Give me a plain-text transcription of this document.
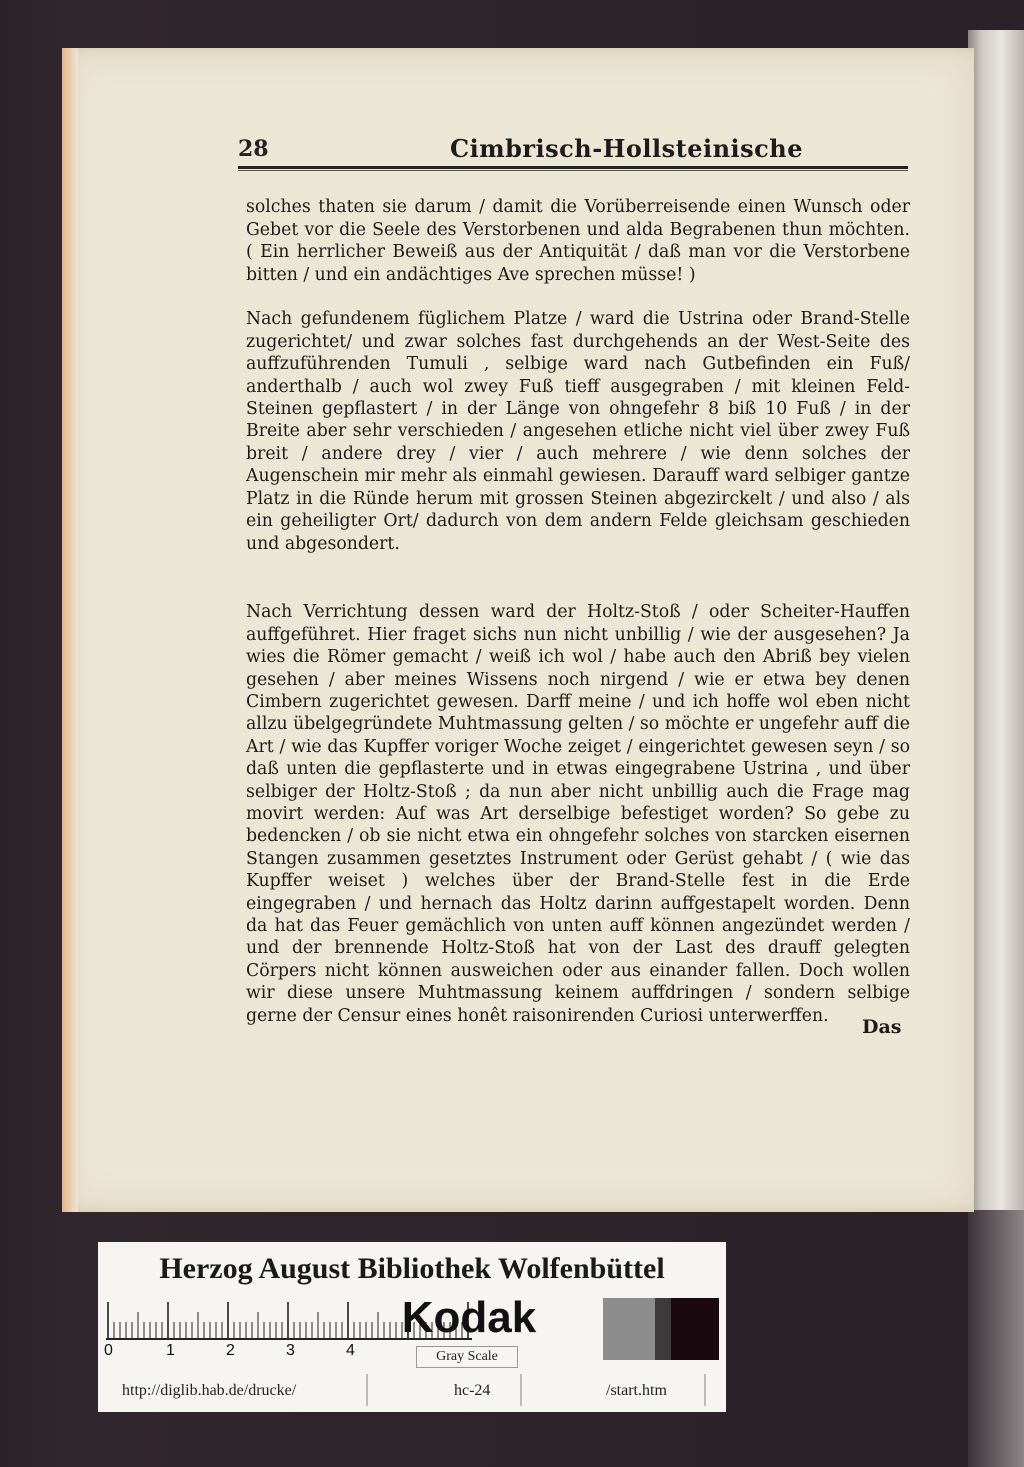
28	Cimbrisch-Hollsteinische

solches thaten sie darum / damit die Vorüberreisende einen Wunsch oder Gebet vor die Seele des Verstorbenen und alda Begrabenen thun möchten. ( Ein herrlicher Beweiß aus der Antiquität / daß man vor die Verstorbene bitten / und ein andächtiges Ave sprechen müsse! )

Nach gefundenem füglichem Platze / ward die Ustrina oder Brand-Stelle zugerichtet/ und zwar solches fast durchgehends an der West-Seite des auffzuführenden Tumuli , selbige ward nach Gutbefinden ein Fuß/ anderthalb / auch wol zwey Fuß tieff ausgegraben / mit kleinen Feld-Steinen gepflastert / in der Länge von ohngefehr 8 biß 10 Fuß / in der Breite aber sehr verschieden / angesehen etliche nicht viel über zwey Fuß breit / andere drey / vier / auch mehrere / wie denn solches der Augenschein mir mehr als einmahl gewiesen. Darauff ward selbiger gantze Platz in die Ründe herum mit grossen Steinen abgezirckelt / und also / als ein geheiligter Ort/ dadurch von dem andern Felde gleichsam geschieden und abgesondert.

Nach Verrichtung dessen ward der Holtz-Stoß / oder Scheiter-Hauffen auffgeführet. Hier fraget sichs nun nicht unbillig / wie der ausgesehen? Ja wies die Römer gemacht / weiß ich wol / habe auch den Abriß bey vielen gesehen / aber meines Wissens noch nirgend / wie er etwa bey denen Cimbern zugerichtet gewesen. Darff meine / und ich hoffe wol eben nicht allzu übelgegründete Muhtmassung gelten / so möchte er ungefehr auff die Art / wie das Kupffer voriger Woche zeiget / eingerichtet gewesen seyn / so daß unten die gepflasterte und in etwas eingegrabene Ustrina , und über selbiger der Holtz-Stoß ; da nun aber nicht unbillig auch die Frage mag movirt werden: Auf was Art derselbige befestiget worden? So gebe zu bedencken / ob sie nicht etwa ein ohngefehr solches von starcken eisernen Stangen zusammen gesetztes Instrument oder Gerüst gehabt / ( wie das Kupffer weiset ) welches über der Brand-Stelle fest in die Erde eingegraben / und hernach das Holtz darinn auffgestapelt worden. Denn da hat das Feuer gemächlich von unten auff können angezündet werden / und der brennende Holtz-Stoß hat von der Last des drauff gelegten Cörpers nicht können ausweichen oder aus einander fallen. Doch wollen wir diese unsere Muhtmassung keinem auffdringen / sondern selbige gerne der Censur eines honêt raisonirenden Curiosi unterwerffen.

Das
Herzog August Bibliothek Wolfenbüttel
0	1	2	3	4
Kodak
Gray Scale
http://diglib.hab.de/drucke/	hc-24	/start.htm
